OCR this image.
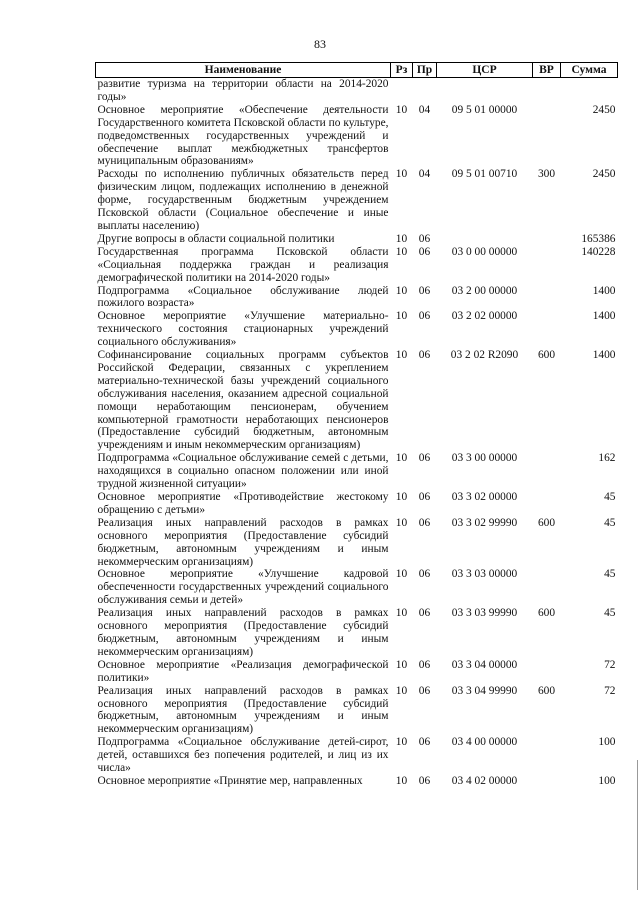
83
Наименование	Рз	Пр	ЦСР	ВР	Сумма
развитие туризма на территории области на 2014-2020 годы»					
Основное мероприятие «Обеспечение деятельности Государственного комитета Псковской области по культуре, подведомственных государственных учреждений и обеспечение выплат межбюджетных трансфертов муниципальным образованиям»	10	04	09 5 01 00000		2450
Расходы по исполнению публичных обязательств перед физическим лицом, подлежащих исполнению в денежной форме, государственным бюджетным учреждением Псковской области (Социальное обеспечение и иные выплаты населению)	10	04	09 5 01 00710	300	2450
Другие вопросы в области социальной политики	10	06			165386
Государственная программа Псковской области «Социальная поддержка граждан и реализация демографической политики на 2014-2020 годы»	10	06	03 0 00 00000		140228
Подпрограмма «Социальное обслуживание людей пожилого возраста»	10	06	03 2 00 00000		1400
Основное мероприятие «Улучшение материально-технического состояния стационарных учреждений социального обслуживания»	10	06	03 2 02 00000		1400
Софинансирование социальных программ субъектов Российской Федерации, связанных с укреплением материально-технической базы учреждений социального обслуживания населения, оказанием адресной социальной помощи неработающим пенсионерам, обучением компьютерной грамотности неработающих пенсионеров (Предоставление субсидий бюджетным, автономным учреждениям и иным некоммерческим организациям)	10	06	03 2 02 R2090	600	1400
Подпрограмма «Социальное обслуживание семей с детьми, находящихся в социально опасном положении или иной трудной жизненной ситуации»	10	06	03 3 00 00000		162
Основное мероприятие «Противодействие жестокому обращению с детьми»	10	06	03 3 02 00000		45
Реализация иных направлений расходов в рамках основного мероприятия (Предоставление субсидий бюджетным, автономным учреждениям и иным некоммерческим организациям)	10	06	03 3 02 99990	600	45
Основное мероприятие «Улучшение кадровой обеспеченности государственных учреждений социального обслуживания семьи и детей»	10	06	03 3 03 00000		45
Реализация иных направлений расходов в рамках основного мероприятия (Предоставление субсидий бюджетным, автономным учреждениям и иным некоммерческим организациям)	10	06	03 3 03 99990	600	45
Основное мероприятие «Реализация демографической политики»	10	06	03 3 04 00000		72
Реализация иных направлений расходов в рамках основного мероприятия (Предоставление субсидий бюджетным, автономным учреждениям и иным некоммерческим организациям)	10	06	03 3 04 99990	600	72
Подпрограмма «Социальное обслуживание детей-сирот, детей, оставшихся без попечения родителей, и лиц из их числа»	10	06	03 4 00 00000		100
Основное мероприятие «Принятие мер, направленных	10	06	03 4 02 00000		100
